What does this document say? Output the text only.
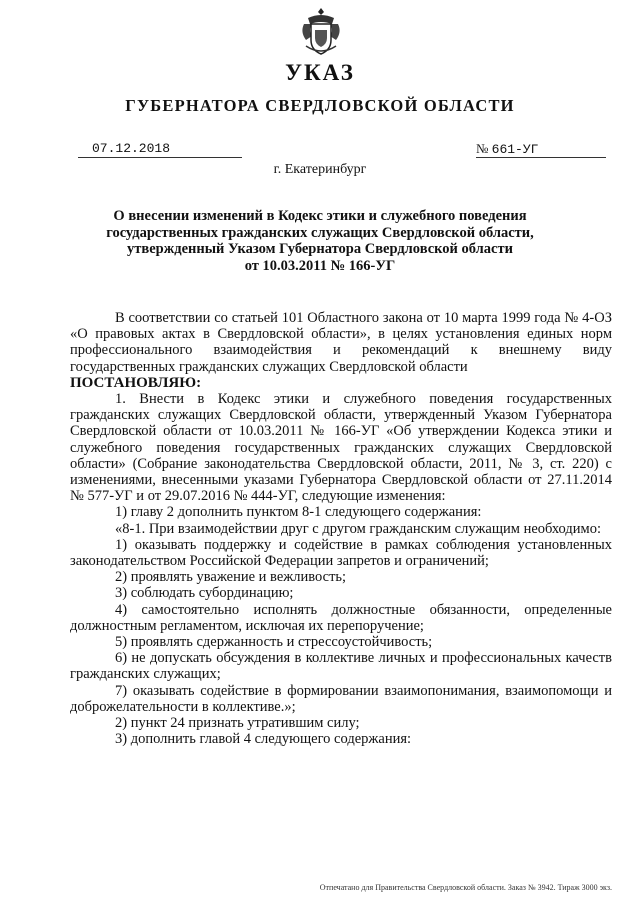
УКАЗ
ГУБЕРНАТОРА СВЕРДЛОВСКОЙ ОБЛАСТИ
07.12.2018	№ 661-УГ
г. Екатеринбург
О внесении изменений в Кодекс этики и служебного поведения
государственных гражданских служащих Свердловской области,
утвержденный Указом Губернатора Свердловской области
от 10.03.2011 № 166-УГ

В соответствии со статьей 101 Областного закона от 10 марта 1999 года № 4-ОЗ «О правовых актах в Свердловской области», в целях установления единых норм профессионального взаимодействия и рекомендаций к внешнему виду государственных гражданских служащих Свердловской области

ПОСТАНОВЛЯЮ:

1. Внести в Кодекс этики и служебного поведения государственных гражданских служащих Свердловской области, утвержденный Указом Губернатора Свердловской области от 10.03.2011 № 166-УГ «Об утверждении Кодекса этики и служебного поведения государственных гражданских служащих Свердловской области» (Собрание законодательства Свердловской области, 2011, № 3, ст. 220) с изменениями, внесенными указами Губернатора Свердловской области от 27.11.2014 № 577-УГ и от 29.07.2016 № 444-УГ, следующие изменения:

1) главу 2 дополнить пунктом 8-1 следующего содержания:

«8-1. При взаимодействии друг с другом гражданским служащим необходимо:

1) оказывать поддержку и содействие в рамках соблюдения установленных законодательством Российской Федерации запретов и ограничений;

2) проявлять уважение и вежливость;

3) соблюдать субординацию;

4) самостоятельно исполнять должностные обязанности, определенные должностным регламентом, исключая их перепоручение;

5) проявлять сдержанность и стрессоустойчивость;

6) не допускать обсуждения в коллективе личных и профессиональных качеств гражданских служащих;

7) оказывать содействие в формировании взаимопонимания, взаимопомощи и доброжелательности в коллективе.»;

2) пункт 24 признать утратившим силу;

3) дополнить главой 4 следующего содержания:

Отпечатано для Правительства Свердловской области. Заказ № 3942. Тираж 3000 экз.
